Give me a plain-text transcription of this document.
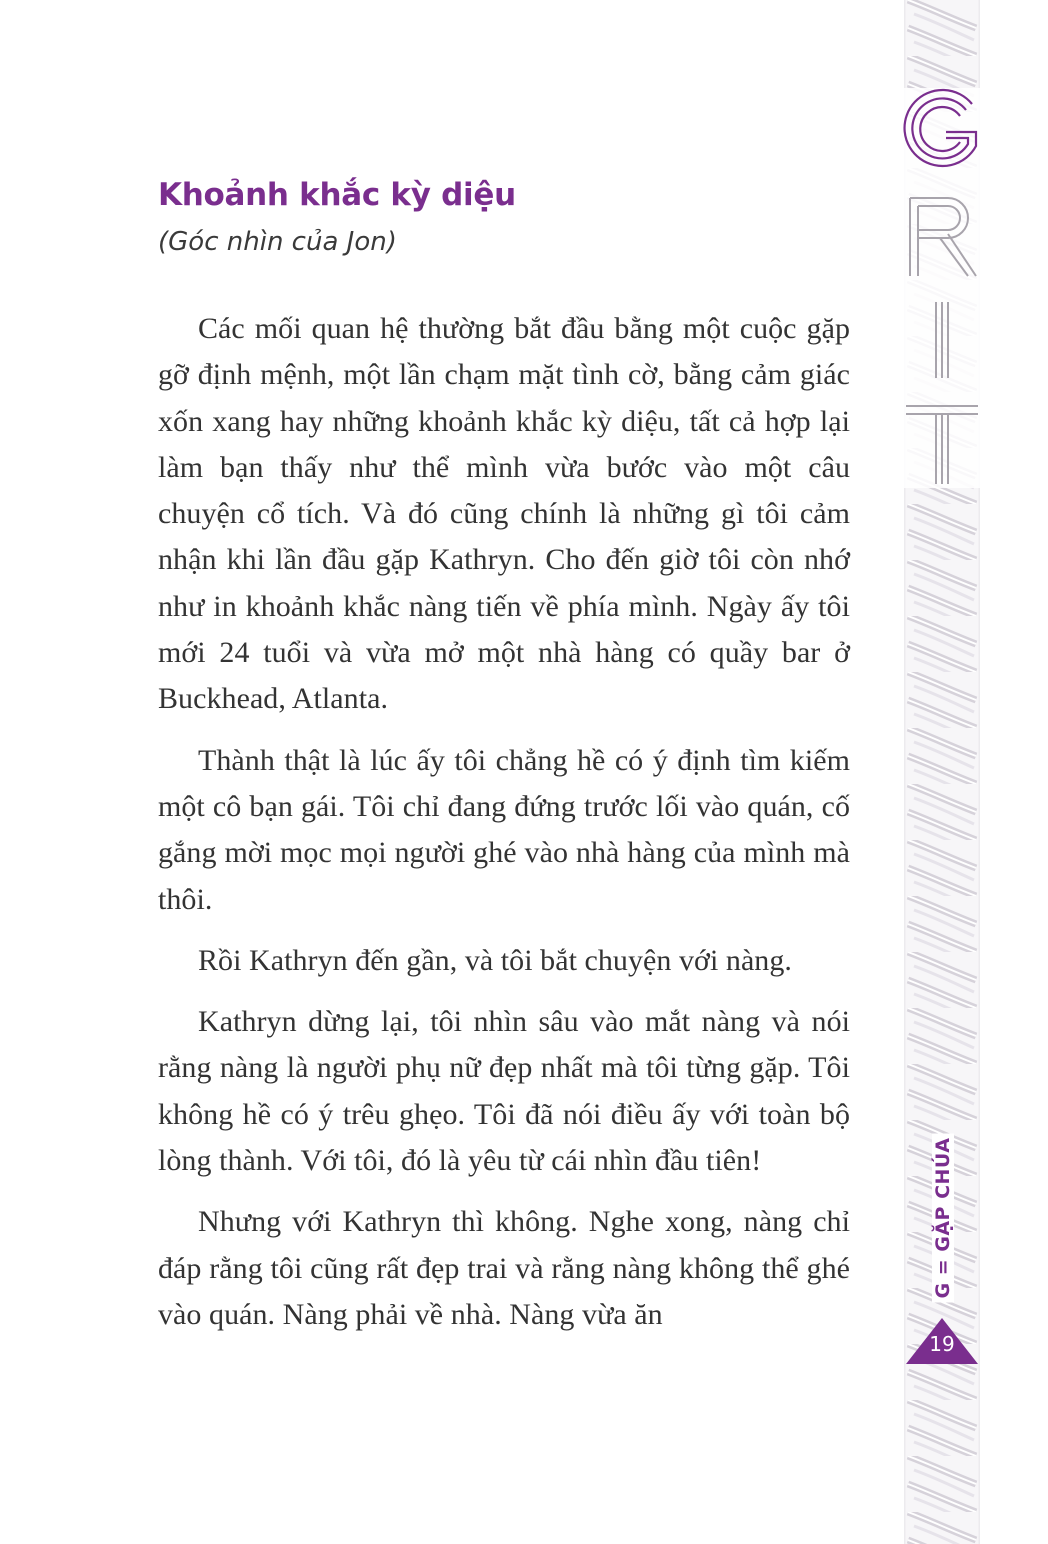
G = GẶP CHÚA
19
Khoảnh khắc kỳ diệu
(Góc nhìn của Jon)

Các mối quan hệ thường bắt đầu bằng một cuộc gặp gỡ định mệnh, một lần chạm mặt tình cờ, bằng cảm giác xốn xang hay những khoảnh khắc kỳ diệu, tất cả hợp lại làm bạn thấy như thể mình vừa bước vào một câu chuyện cổ tích. Và đó cũng chính là những gì tôi cảm nhận khi lần đầu gặp Kathryn. Cho đến giờ tôi còn nhớ như in khoảnh khắc nàng tiến về phía mình. Ngày ấy tôi mới 24 tuổi và vừa mở một nhà hàng có quầy bar ở Buckhead, Atlanta.

Thành thật là lúc ấy tôi chẳng hề có ý định tìm kiếm một cô bạn gái. Tôi chỉ đang đứng trước lối vào quán, cố gắng mời mọc mọi người ghé vào nhà hàng của mình mà thôi.

Rồi Kathryn đến gần, và tôi bắt chuyện với nàng.

Kathryn dừng lại, tôi nhìn sâu vào mắt nàng và nói rằng nàng là người phụ nữ đẹp nhất mà tôi từng gặp. Tôi không hề có ý trêu ghẹo. Tôi đã nói điều ấy với toàn bộ lòng thành. Với tôi, đó là yêu từ cái nhìn đầu tiên!

Nhưng với Kathryn thì không. Nghe xong, nàng chỉ đáp rằng tôi cũng rất đẹp trai và rằng nàng không thể ghé vào quán. Nàng phải về nhà. Nàng vừa ăn
